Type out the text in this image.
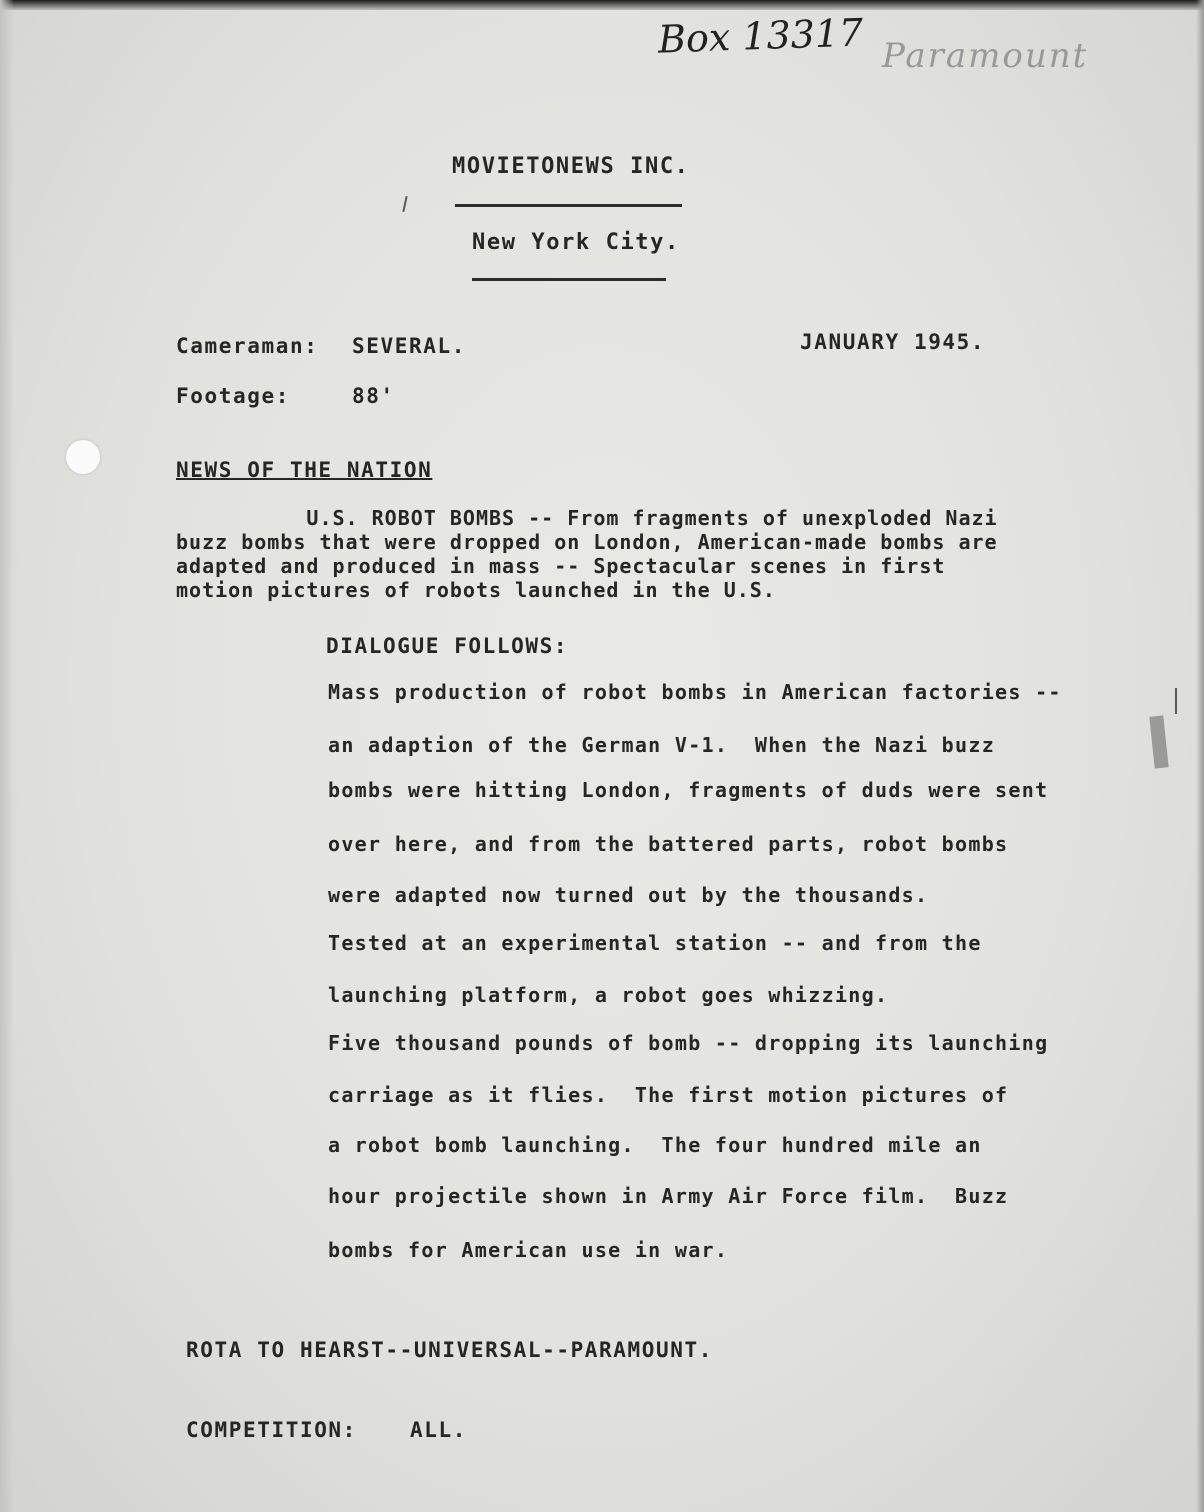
Box 13317 Paramount
MOVIETONEWS INC.
New York City.
Cameraman: SEVERAL.	JANUARY 1945.
Footage:	88'
NEWS OF THE NATION
U.S. ROBOT BOMBS -- From fragments of unexploded Nazi
buzz bombs that were dropped on London, American-made bombs are
adapted and produced in mass -- Spectacular scenes in first
motion pictures of robots launched in the U.S.
DIALOGUE FOLLOWS:
Mass production of robot bombs in American factories --
an adaption of the German V-1.  When the Nazi buzz
bombs were hitting London, fragments of duds were sent
over here, and from the battered parts, robot bombs
were adapted now turned out by the thousands.
Tested at an experimental station -- and from the
launching platform, a robot goes whizzing.
Five thousand pounds of bomb -- dropping its launching
carriage as it flies.  The first motion pictures of
a robot bomb launching.  The four hundred mile an
hour projectile shown in Army Air Force film.  Buzz
bombs for American use in war.
ROTA TO HEARST--UNIVERSAL--PARAMOUNT.
COMPETITION:	ALL.
